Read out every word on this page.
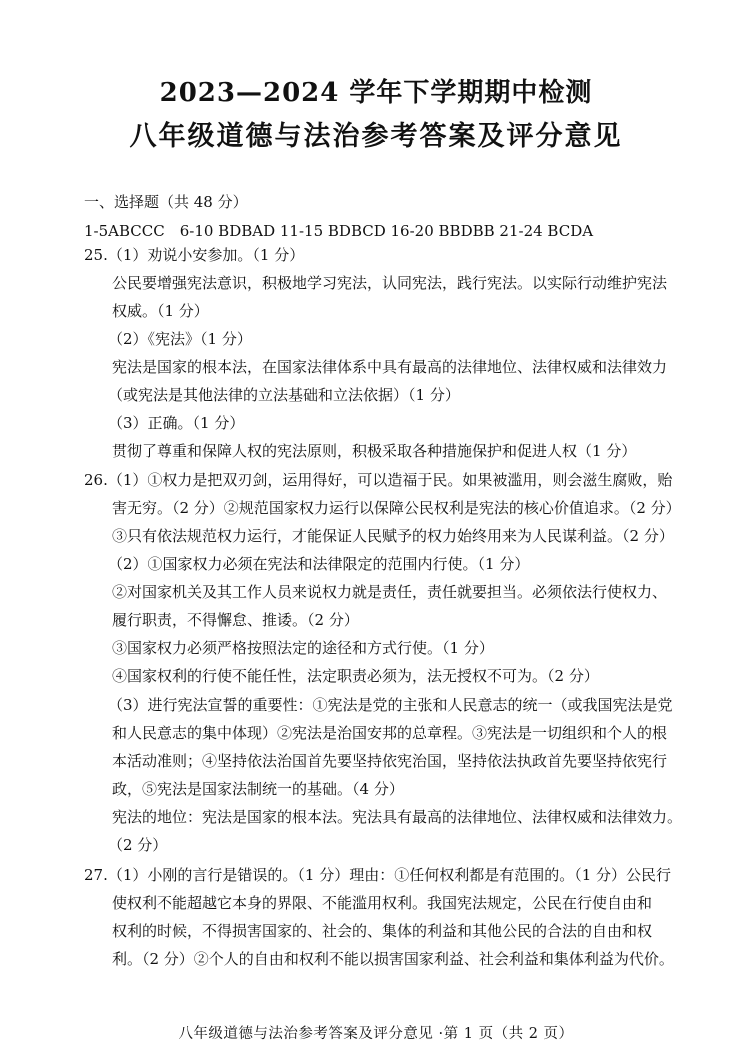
2023—2024 学年下学期期中检测
八年级道德与法治参考答案及评分意见
一、选择题（共 48 分）
1-5ABCCC　6-10 BDBAD 11-15 BDBCD 16-20 BBDBB 21-24 BCDA
25.（1）劝说小安参加。（1 分）
公民要增强宪法意识，积极地学习宪法，认同宪法，践行宪法。以实际行动维护宪法
权威。（1 分）
（2）《宪法》（1 分）
宪法是国家的根本法，在国家法律体系中具有最高的法律地位、法律权威和法律效力
（或宪法是其他法律的立法基础和立法依据）（1 分）
（3）正确。（1 分）
贯彻了尊重和保障人权的宪法原则，积极采取各种措施保护和促进人权（1 分）
26.（1）①权力是把双刃剑，运用得好，可以造福于民。如果被滥用，则会滋生腐败，贻
害无穷。（2 分）②规范国家权力运行以保障公民权利是宪法的核心价值追求。（2 分）
③只有依法规范权力运行，才能保证人民赋予的权力始终用来为人民谋利益。（2 分）
（2）①国家权力必须在宪法和法律限定的范围内行使。（1 分）
②对国家机关及其工作人员来说权力就是责任，责任就要担当。必须依法行使权力、
履行职责，不得懈怠、推诿。（2 分）
③国家权力必须严格按照法定的途径和方式行使。（1 分）
④国家权利的行使不能任性，法定职责必须为，法无授权不可为。（2 分）
（3）进行宪法宣誓的重要性：①宪法是党的主张和人民意志的统一（或我国宪法是党
和人民意志的集中体现）②宪法是治国安邦的总章程。③宪法是一切组织和个人的根
本活动准则；④坚持依法治国首先要坚持依宪治国，坚持依法执政首先要坚持依宪行
政，⑤宪法是国家法制统一的基础。（4 分）
宪法的地位：宪法是国家的根本法。宪法具有最高的法律地位、法律权威和法律效力。
（2 分）
27.（1）小刚的言行是错误的。（1 分）理由：①任何权利都是有范围的。（1 分）公民行
使权利不能超越它本身的界限、不能滥用权利。我国宪法规定，公民在行使自由和
权利的时候，不得损害国家的、社会的、集体的利益和其他公民的合法的自由和权
利。（2 分）②个人的自由和权利不能以损害国家利益、社会利益和集体利益为代价。
八年级道德与法治参考答案及评分意见 ·第 1 页（共 2 页）
